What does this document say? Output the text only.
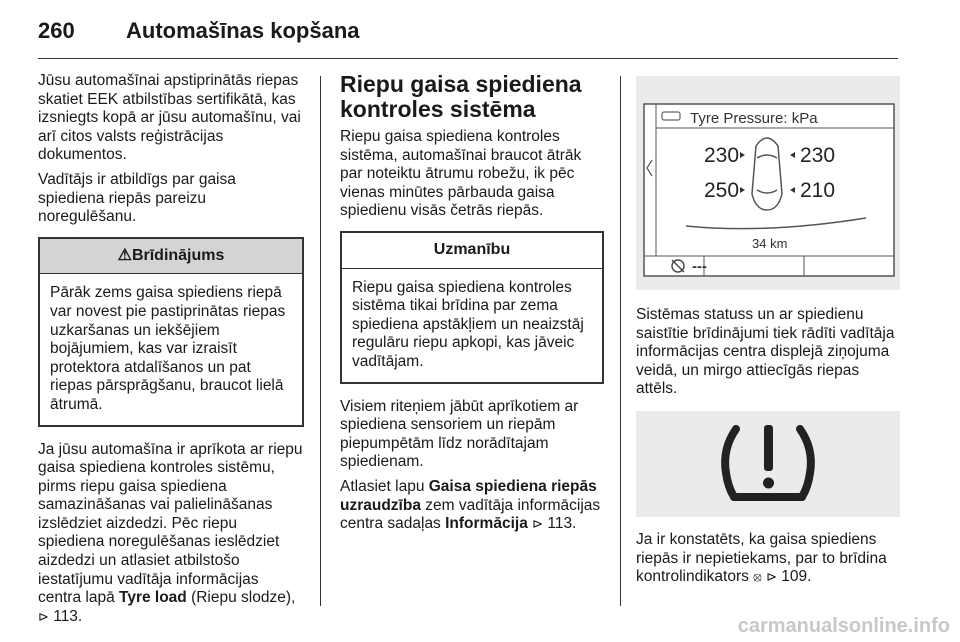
260 Automašīnas kopšana

Jūsu automašīnai apstiprinātās riepas skatiet EEK atbilstības sertifikātā, kas izsniegts kopā ar jūsu automašīnu, vai arī citos valsts reģistrācijas dokumentos.

Vadītājs ir atbildīgs par gaisa spiediena riepās pareizu noregulēšanu.

⚠Brīdinājums
Pārāk zems gaisa spiediens riepā var novest pie pastiprinātas riepas uzkaršanas un iekšējiem bojājumiem, kas var izraisīt protektora atdalīšanos un pat riepas pārsprāgšanu, braucot lielā ātrumā.

Ja jūsu automašīna ir aprīkota ar riepu gaisa spiediena kontroles sistēmu, pirms riepu gaisa spiediena samazināšanas vai palielināšanas izslēdziet aizdedzi. Pēc riepu spiediena noregulēšanas ieslēdziet aizdedzi un atlasiet atbilstošo iestatījumu vadītāja informācijas centra lapā Tyre load (Riepu slodze),
⊳ 113.

Riepu gaisa spiediena kontroles sistēma

Riepu gaisa spiediena kontroles sistēma, automašīnai braucot ātrāk par noteiktu ātrumu robežu, ik pēc vienas minūtes pārbauda gaisa spiedienu visās četrās riepās.

Uzmanību
Riepu gaisa spiediena kontroles sistēma tikai brīdina par zema spiediena apstākļiem un neaizstāj regulāru riepu apkopi, kas jāveic vadītājam.

Visiem riteņiem jābūt aprīkotiem ar spiediena sensoriem un riepām piepumpētām līdz norādītajam spiedienam.

Atlasiet lapu Gaisa spiediena riepās uzraudzība zem vadītāja informācijas centra sadaļas Informācija ⊳ 113.

Tyre Pressure: kPa
230	230
250	210
34 km
---

Sistēmas statuss un ar spiedienu saistītie brīdinājumi tiek rādīti vadītāja informācijas centra displejā ziņojuma veidā, un mirgo attiecīgās riepas attēls.

Ja ir konstatēts, ka gaisa spiediens riepās ir nepietiekams, par to brīdina kontrolindikators ⦻ ⊳ 109.

carmanualsonline.info
